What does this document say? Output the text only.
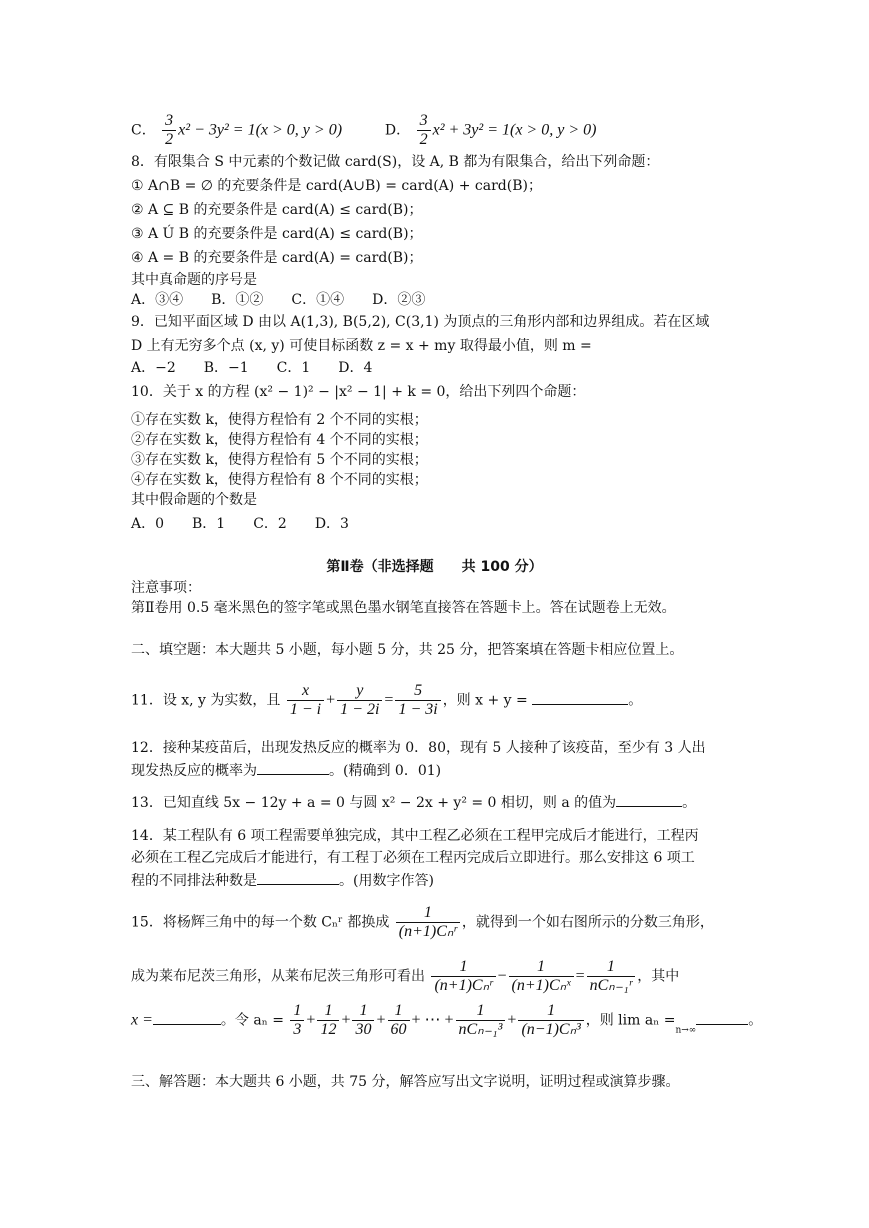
C． $\frac{3}{2} x^2 - 3y^2 = 1(x > 0$, y > 0)	D． $\frac{3}{2} x^2 + 3y^2 = 1(x > 0$, y > 0)
8．有限集合 S 中元素的个数记做 card(S)，设 A, B 都为有限集合，给出下列命题：
① A∩B = ∅ 的充要条件是 card(A∪B) = card(A) + card(B)；
② A ⊆ B 的充要条件是 card(A) ≤ card(B)；
③ A Ú B 的充要条件是 card(A) ≤ card(B)；
④ A = B 的充要条件是 card(A) = card(B)；
其中真命题的序号是
A．③④　　B．①②　　C．①④　　D．②③
9．已知平面区域 D 由以 A(1,3), B(5,2), C(3,1) 为顶点的三角形内部和边界组成。若在区域
D 上有无穷多个点 (x, y) 可使目标函数 z = x + my 取得最小值，则 m =
A．−2　　B．−1　　C．1　　D．4
10．关于 x 的方程 (x² − 1)² − |x² − 1| + k = 0，给出下列四个命题：
①存在实数 k，使得方程恰有 2 个不同的实根；
②存在实数 k，使得方程恰有 4 个不同的实根；
③存在实数 k，使得方程恰有 5 个不同的实根；
④存在实数 k，使得方程恰有 8 个不同的实根；
其中假命题的个数是
A．0　　B．1　　C．2　　D．3
第Ⅱ卷（非选择题　　共 100 分）
注意事项：
第Ⅱ卷用 0.5 毫米黑色的签字笔或黑色墨水钢笔直接答在答题卡上。答在试题卷上无效。
二、填空题：本大题共 5 小题，每小题 5 分，共 25 分，把答案填在答题卡相应位置上。
11．设 x, y 为实数，且 $\frac{x}{1 - i} + \frac{y}{1 - 2i} = \frac{5}{1 - 3i}$ ，则 x + y =	。
12．接种某疫苗后，出现发热反应的概率为 0．80，现有 5 人接种了该疫苗，至少有 3 人出
现发热反应的概率为	。(精确到 0．01)
13．已知直线 5x − 12y + a = 0 与圆 x² − 2x + y² = 0 相切，则 a 的值为	。
14．某工程队有 6 项工程需要单独完成，其中工程乙必须在工程甲完成后才能进行，工程丙
必须在工程乙完成后才能进行，有工程丁必须在工程丙完成后立即进行。那么安排这 6 项工
程的不同排法种数是	。(用数字作答)
15．将杨辉三角中的每一个数 Cₙʳ 都换成 $\frac{1}{\text{(n+1)Cₙʳ}}$ ，就得到一个如右图所示的分数三角形，
成为莱布尼茨三角形，从莱布尼茨三角形可看出 $\frac{1}{\text{(n+1)Cₙʳ}} - \frac{1}{\text{(n+1)Cₙˣ}} = \frac{1}{\text{nCₙ₋₁ʳ}}$ ，其中
x =	。令 $a_n = \frac{1}{3} + \frac{1}{12} + \frac{1}{30} + \frac{1}{60}$ + ⋯ + $\frac{1}{\text{nCₙ₋₁³}} + \frac{1}{\text{(n−1)Cₙ³}}$ ，则 $\lim a_n =_{n\to\infty}$。
三、解答题：本大题共 6 小题，共 75 分，解答应写出文字说明，证明过程或演算步骤。
